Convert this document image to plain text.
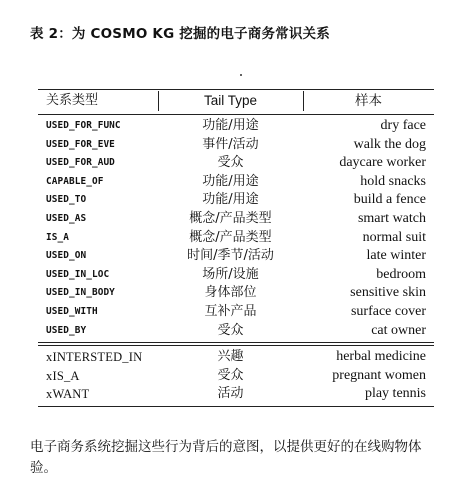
表 2：为 COSMO KG 挖掘的电子商务常识关系
关系类型	Tail Type	样本
USED_FOR_FUNC	功能/用途	dry face
USED_FOR_EVE	事件/活动	walk the dog
USED_FOR_AUD	受众	daycare worker
CAPABLE_OF	功能/用途	hold snacks
USED_TO	功能/用途	build a fence
USED_AS	概念/产品类型	smart watch
IS_A	概念/产品类型	normal suit
USED_ON	时间/季节/活动	late winter
USED_IN_LOC	场所/设施	bedroom
USED_IN_BODY	身体部位	sensitive skin
USED_WITH	互补产品	surface cover
USED_BY	受众	cat owner
xINTERSTED_IN	兴趣	herbal medicine
xIS_A	受众	pregnant women
xWANT	活动	play tennis
电子商务系统挖掘这些行为背后的意图，以提供更好的在线购物体验。
